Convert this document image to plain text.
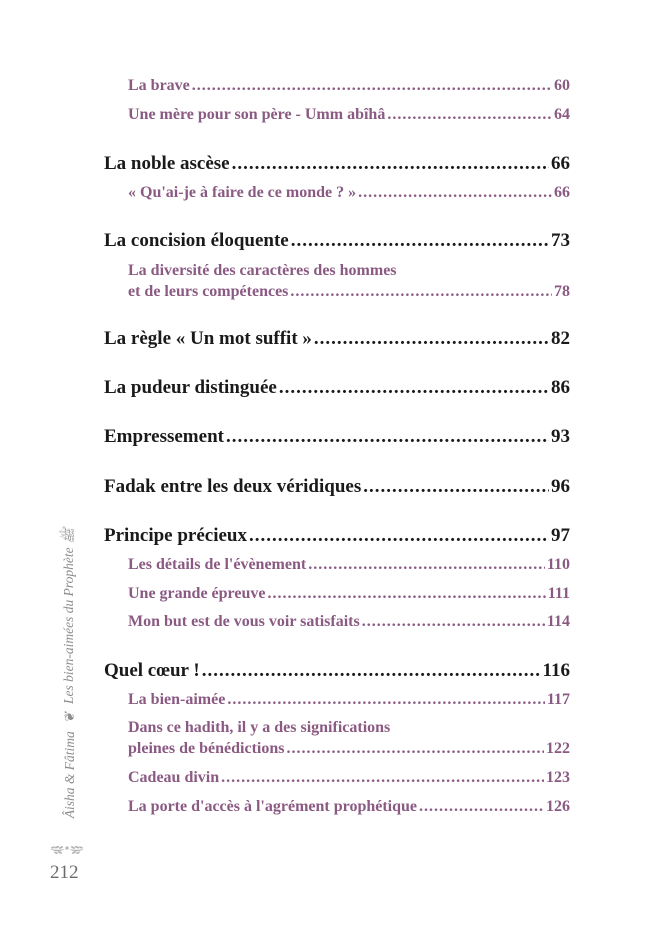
La brave .....	60
Une mère pour son père - Umm abîhâ .....	64
La noble ascèse .....	66
« Qu'ai-je à faire de ce monde ? » .....	66
La concision éloquente .....	73
La diversité des caractères des hommes
et de leurs compétences .....	78
La règle « Un mot suffit » .....	82
La pudeur distinguée .....	86
Empressement .....	93
Fadak entre les deux véridiques .....	96
Principe précieux .....	97
Les détails de l'évènement .....	110
Une grande épreuve .....	111
Mon but est de vous voir satisfaits .....	114
Quel cœur ! .....	116
La bien-aimée .....	117
Dans ce hadith, il y a des significations
pleines de bénédictions .....	122
Cadeau divin .....	123
La porte d'accès à l'agrément prophétique .....	126
Âisha & Fâtima
❦
Les bien-aimées du Prophète ﷺ
212
